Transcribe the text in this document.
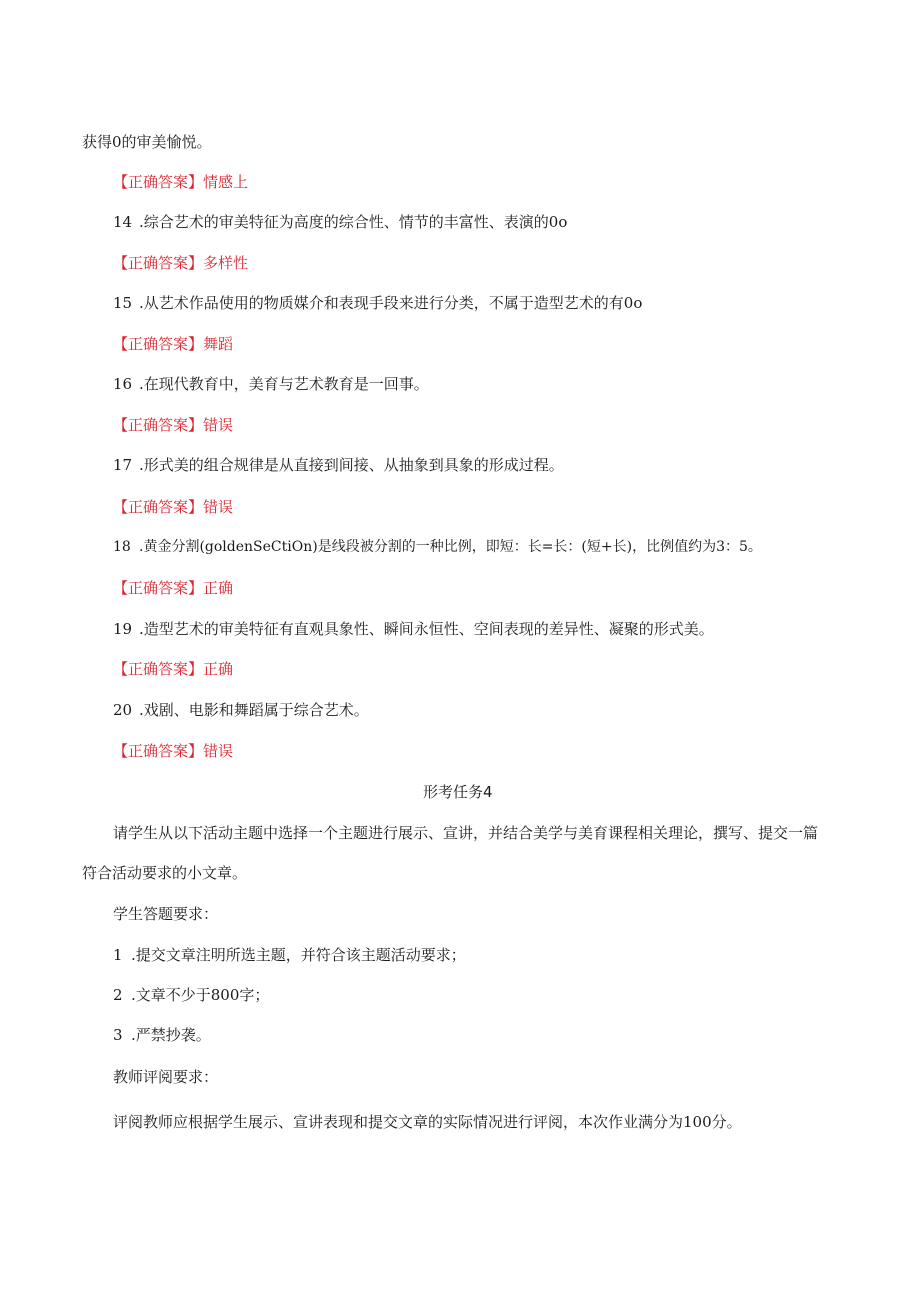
获得0的审美愉悦。
【正确答案】情感上
14 .综合艺术的审美特征为高度的综合性、情节的丰富性、表演的0o
【正确答案】多样性
15 .从艺术作品使用的物质媒介和表现手段来进行分类，不属于造型艺术的有0o
【正确答案】舞蹈
16 .在现代教育中，美育与艺术教育是一回事。
【正确答案】错误
17 .形式美的组合规律是从直接到间接、从抽象到具象的形成过程。
【正确答案】错误
18 .黄金分割(goldenSeCtiOn)是线段被分割的一种比例，即短：长=长：(短+长)，比例值约为3：5。
【正确答案】正确
19 .造型艺术的审美特征有直观具象性、瞬间永恒性、空间表现的差异性、凝聚的形式美。
【正确答案】正确
20 .戏剧、电影和舞蹈属于综合艺术。
【正确答案】错误
形考任务4
请学生从以下活动主题中选择一个主题进行展示、宣讲，并结合美学与美育课程相关理论，撰写、提交一篇
符合活动要求的小文章。
学生答题要求：
1 .提交文章注明所选主题，并符合该主题活动要求；
2 .文章不少于800字；
3 .严禁抄袭。
教师评阅要求：
评阅教师应根据学生展示、宣讲表现和提交文章的实际情况进行评阅，本次作业满分为100分。
